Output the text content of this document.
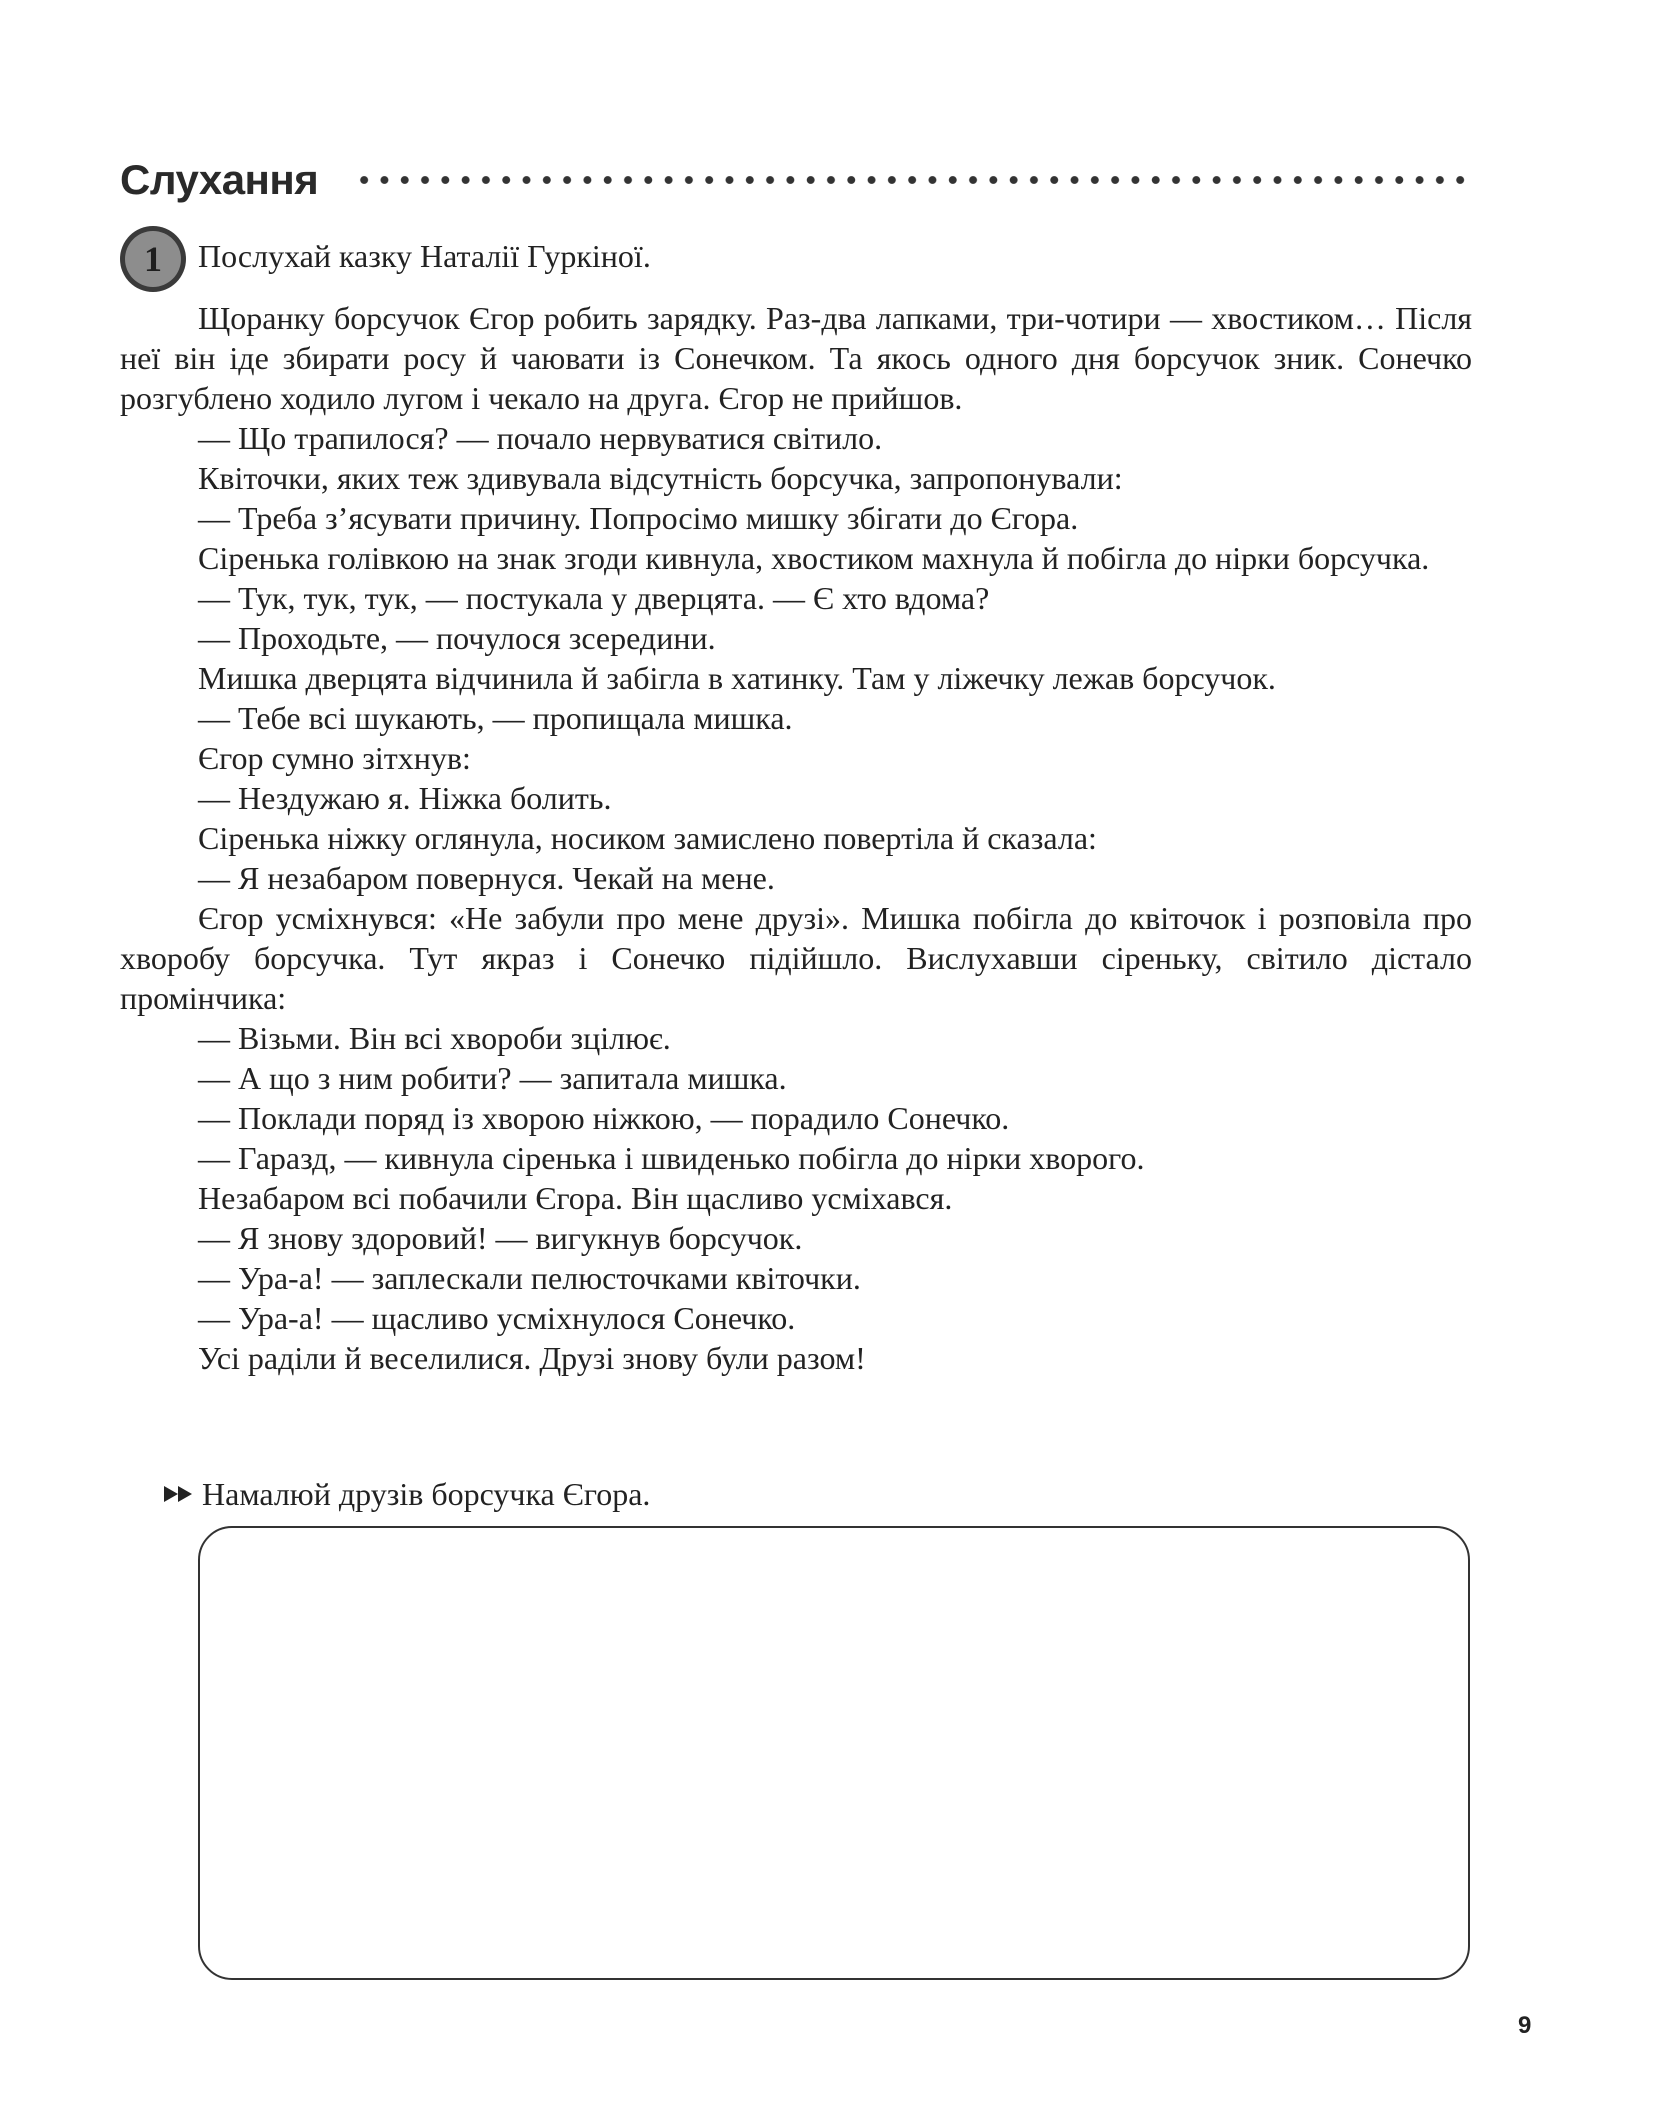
Слухання
1	Послухай казку Наталії Гуркіної.

Щоранку борсучок Єгор робить зарядку. Раз-два лапками, три-чотири — хвостиком… Після неї він іде збирати росу й чаювати із Сонечком. Та якось одного дня борсучок зник. Сонечко розгублено ходило лугом і чекало на друга. Єгор не прийшов.

— Що трапилося? — почало нервуватися світило.

Квіточки, яких теж здивувала відсутність борсучка, запропонували:

— Треба з’ясувати причину. Попросімо мишку збігати до Єгора.

Сіренька голівкою на знак згоди кивнула, хвостиком махнула й побігла до нірки борсучка.

— Тук, тук, тук, — постукала у дверцята. — Є хто вдома?

— Проходьте, — почулося зсередини.

Мишка дверцята відчинила й забігла в хатинку. Там у ліжечку лежав борсучок.

— Тебе всі шукають, — пропищала мишка.

Єгор сумно зітхнув:

— Нездужаю я. Ніжка болить.

Сіренька ніжку оглянула, носиком замислено повертіла й сказала:

— Я незабаром повернуся. Чекай на мене.

Єгор усміхнувся: «Не забули про мене друзі». Мишка побігла до квіточок і розповіла про хворобу борсучка. Тут якраз і Сонечко підійшло. Вислухавши сіреньку, світило дістало промінчика:

— Візьми. Він всі хвороби зцілює.

— А що з ним робити? — запитала мишка.

— Поклади поряд із хворою ніжкою, — порадило Сонечко.

— Гаразд, — кивнула сіренька і швиденько побігла до нірки хворого.

Незабаром всі побачили Єгора. Він щасливо усміхався.

— Я знову здоровий! — вигукнув борсучок.

— Ура-а! — заплескали пелюсточками квіточки.

— Ура-а! — щасливо усміхнулося Сонечко.

Усі раділи й веселилися. Друзі знову були разом!

Намалюй друзів борсучка Єгора.
9
